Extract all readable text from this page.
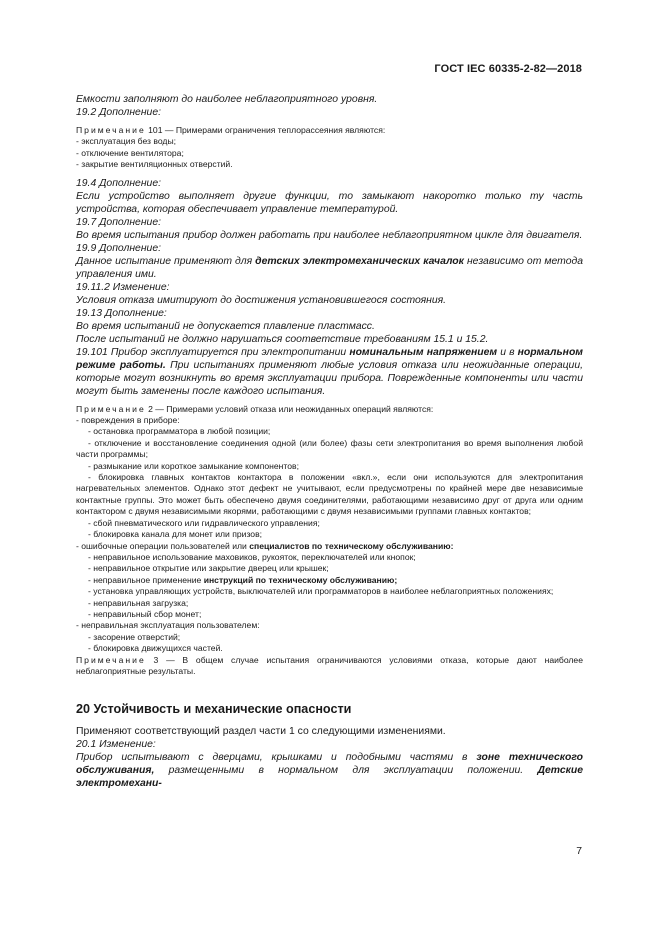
ГОСТ IEC 60335-2-82—2018
Емкости заполняют до наиболее неблагоприятного уровня.
19.2 Дополнение:
Примечание 101 — Примерами ограничения теплорассеяния являются:
- эксплуатация без воды;
- отключение вентилятора;
- закрытие вентиляционных отверстий.
19.4 Дополнение:
Если устройство выполняет другие функции, то замыкают накоротко только ту часть устройства, которая обеспечивает управление температурой.
19.7 Дополнение:
Во время испытания прибор должен работать при наиболее неблагоприятном цикле для двигателя.
19.9 Дополнение:
Данное испытание применяют для детских электромеханических качалок независимо от метода управления ими.
19.11.2 Изменение:
Условия отказа имитируют до достижения установившегося состояния.
19.13 Дополнение:
Во время испытаний не допускается плавление пластмасс.
После испытаний не должно нарушаться соответствие требованиям 15.1 и 15.2.
19.101 Прибор эксплуатируется при электропитании номинальным напряжением и в нормальном режиме работы. При испытаниях применяют любые условия отказа или неожиданные операции, которые могут возникнуть во время эксплуатации прибора. Поврежденные компоненты или части могут быть заменены после каждого испытания.
Примечание 2 — Примерами условий отказа или неожиданных операций являются:
- повреждения в приборе:
- остановка программатора в любой позиции;
- отключение и восстановление соединения одной (или более) фазы сети электропитания во время выполнения любой части программы;
- размыкание или короткое замыкание компонентов;
- блокировка главных контактов контактора в положении «вкл.», если они используются для электропитания нагревательных элементов. Однако этот дефект не учитывают, если предусмотрены по крайней мере две независимые контактные группы. Это может быть обеспечено двумя соединителями, работающими независимо друг от друга или одним контактором с двумя независимыми якорями, работающими с двумя независимыми группами главных контактов;
- сбой пневматического или гидравлического управления;
- блокировка канала для монет или призов;
- ошибочные операции пользователей или специалистов по техническому обслуживанию:
- неправильное использование маховиков, рукояток, переключателей или кнопок;
- неправильное открытие или закрытие дверец или крышек;
- неправильное применение инструкций по техническому обслуживанию;
- установка управляющих устройств, выключателей или программаторов в наиболее неблагоприятных положениях;
- неправильная загрузка;
- неправильный сбор монет;
- неправильная эксплуатация пользователем:
- засорение отверстий;
- блокировка движущихся частей.
Примечание 3 — В общем случае испытания ограничиваются условиями отказа, которые дают наиболее неблагоприятные результаты.
20 Устойчивость и механические опасности
Применяют соответствующий раздел части 1 со следующими изменениями.
20.1 Изменение:
Прибор испытывают с дверцами, крышками и подобными частями в зоне технического обслуживания, размещенными в нормальном для эксплуатации положении. Детские электромехани-
7
